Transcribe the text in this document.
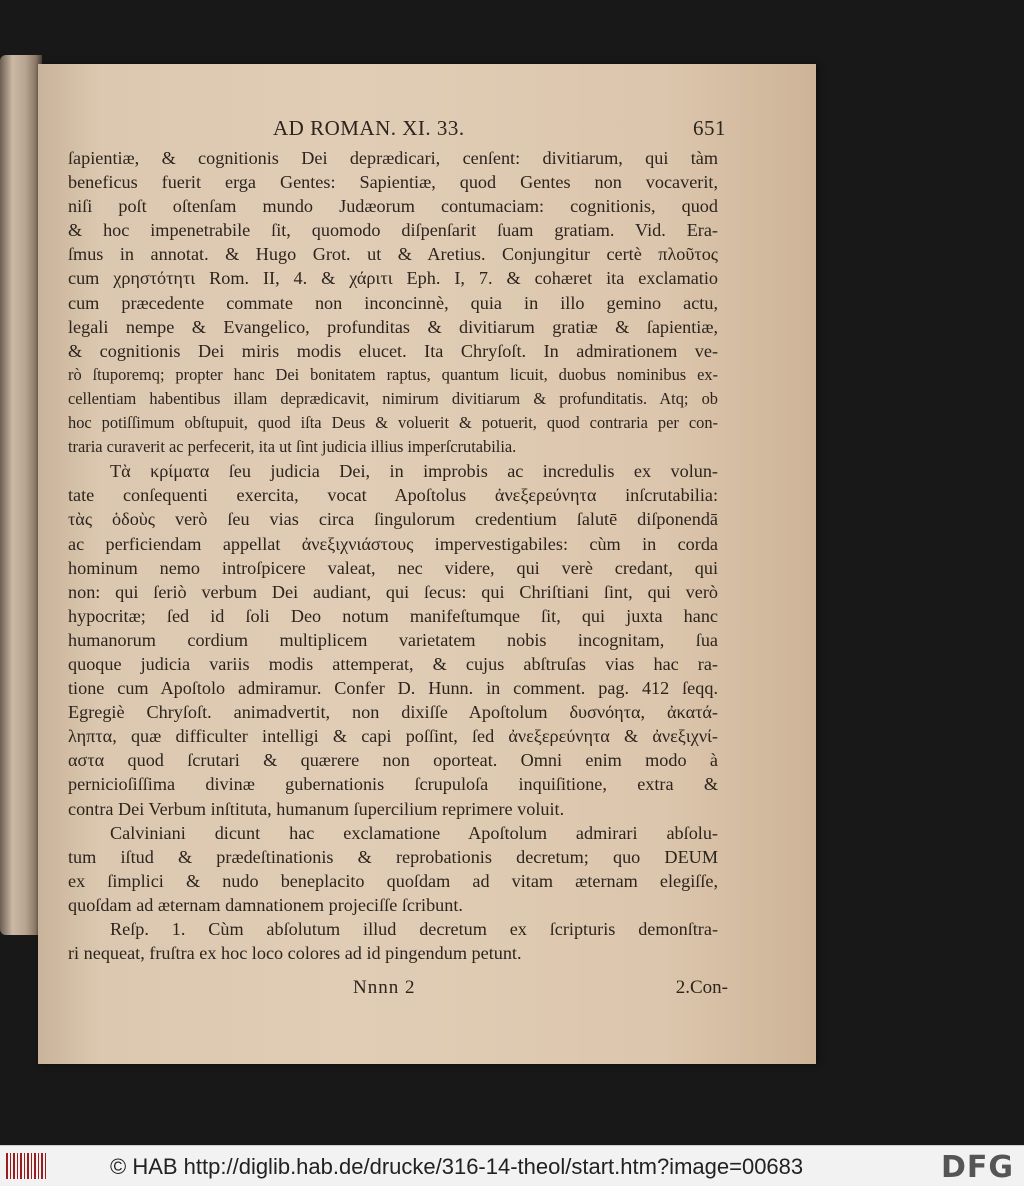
AD ROMAN. XI. 33.	651
ſapientiæ, & cognitionis Dei deprædicari, cenſent: divitiarum, qui tàm
beneficus fuerit erga Gentes: Sapientiæ, quod Gentes non vocaverit,
niſi poſt oſtenſam mundo Judæorum contumaciam: cognitionis, quod
& hoc impenetrabile ſit, quomodo diſpenſarit ſuam gratiam. Vid. Era-
ſmus in annotat. & Hugo Grot. ut & Aretius. Conjungitur certè πλοῦτος
cum χρηστότητι Rom. II, 4. & χάριτι Eph. I, 7. & cohæret ita exclamatio
cum præcedente commate non inconcinnè, quia in illo gemino actu,
legali nempe & Evangelico, profunditas & divitiarum gratiæ & ſapientiæ,
& cognitionis Dei miris modis elucet. Ita Chryſoſt. In admirationem ve-
rò ſtuporemq; propter hanc Dei bonitatem raptus, quantum licuit, duobus nominibus ex-
cellentiam habentibus illam deprædicavit, nimirum divitiarum & profunditatis. Atq; ob
hoc potiſſimum obſtupuit, quod iſta Deus & voluerit & potuerit, quod contraria per con-
traria curaverit ac perfecerit, ita ut ſint judicia illius imperſcrutabilia.
Τὰ κρίματα ſeu judicia Dei, in improbis ac incredulis ex volun-
tate conſequenti exercita, vocat Apoſtolus ἀνεξερεύνητα inſcrutabilia:
τὰς ὁδοὺς verò ſeu vias circa ſingulorum credentium ſalutē diſponendā
ac perficiendam appellat ἀνεξιχνιάστους impervestigabiles: cùm in corda
hominum nemo introſpicere valeat, nec videre, qui verè credant, qui
non: qui ſeriò verbum Dei audiant, qui ſecus: qui Chriſtiani ſint, qui verò
hypocritæ; ſed id ſoli Deo notum manifeſtumque ſit, qui juxta hanc
humanorum cordium multiplicem varietatem nobis incognitam, ſua
quoque judicia variis modis attemperat, & cujus abſtruſas vias hac ra-
tione cum Apoſtolo admiramur. Confer D. Hunn. in comment. pag. 412 ſeqq.
Egregiè Chryſoſt. animadvertit, non dixiſſe Apoſtolum δυσνόητα, ἀκατά-
ληπτα, quæ difficulter intelligi & capi poſſint, ſed ἀνεξερεύνητα & ἀνεξιχνί-
αστα quod ſcrutari & quærere non oporteat. Omni enim modo à
pernicioſiſſima divinæ gubernationis ſcrupuloſa inquiſitione, extra &
contra Dei Verbum inſtituta, humanum ſupercilium reprimere voluit.
Calviniani dicunt hac exclamatione Apoſtolum admirari abſolu-
tum iſtud & prædeſtinationis & reprobationis decretum; quo DEUM
ex ſimplici & nudo beneplacito quoſdam ad vitam æternam elegiſſe,
quoſdam ad æternam damnationem projeciſſe ſcribunt.
Reſp. 1. Cùm abſolutum illud decretum ex ſcripturis demonſtra-
ri nequeat, fruſtra ex hoc loco colores ad id pingendum petunt.
Nnnn 2	2.Con-
© HAB http://diglib.hab.de/drucke/316-14-theol/start.htm?image=00683	DFG
